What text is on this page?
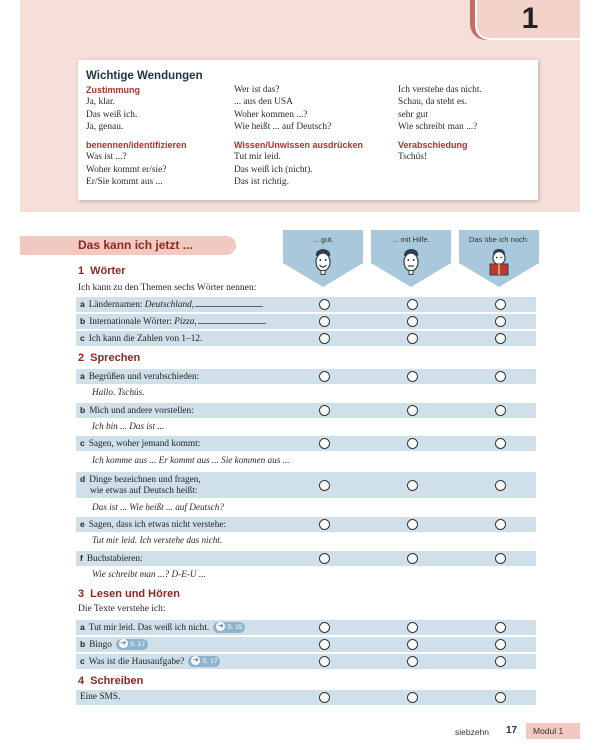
1
Wichtige Wendungen
Zustimmung
Ja, klar.
Das weiß ich.
Ja, genau.
benennen/identifizieren
Was ist ...?
Woher kommt er/sie?
Er/Sie kommt aus ...
Wer ist das?
... aus den USA
Woher kommen ...?
Wie heißt ... auf Deutsch?
Wissen/Unwissen ausdrücken
Tut mir leid.
Das weiß ich (nicht).
Das ist richtig.
Ich verstehe das nicht.
Schau, da steht es.
sehr gut
Wie schreibt man ...?
Verabschiedung
Tschüs!
Das kann ich jetzt ...	... gut.	... mit Hilfe.	Das übe ich noch.
1 Wörter
Ich kann zu den Themen sechs Wörter nennen:
a Ländernamen: Deutschland,
b Internationale Wörter: Pizza,
c Ich kann die Zahlen von 1–12.
2 Sprechen
a Begrüßen und verabschieden:
Hallo. Tschüs.
b Mich und andere vorstellen:
Ich bin ... Das ist ...
c Sagen, woher jemand kommt:
Ich komme aus ... Er kommt aus ... Sie kommen aus ...
d Dinge bezeichnen und fragen,
wie etwas auf Deutsch heißt:
Das ist ... Wie heißt ... auf Deutsch?
e Sagen, dass ich etwas nicht verstehe:
Tut mir leid. Ich verstehe das nicht.
f Buchstabieren:
Wie schreibt man ...? D-E-U ...
3 Lesen und Hören
Die Texte verstehe ich:
a Tut mir leid. Das weiß ich nicht. ➔ S. 15
b Bingo ➔ S. 17
c Was ist die Hausaufgabe? ➔ S. 17
4 Schreiben
Eine SMS.
siebzehn 17	Modul 1
